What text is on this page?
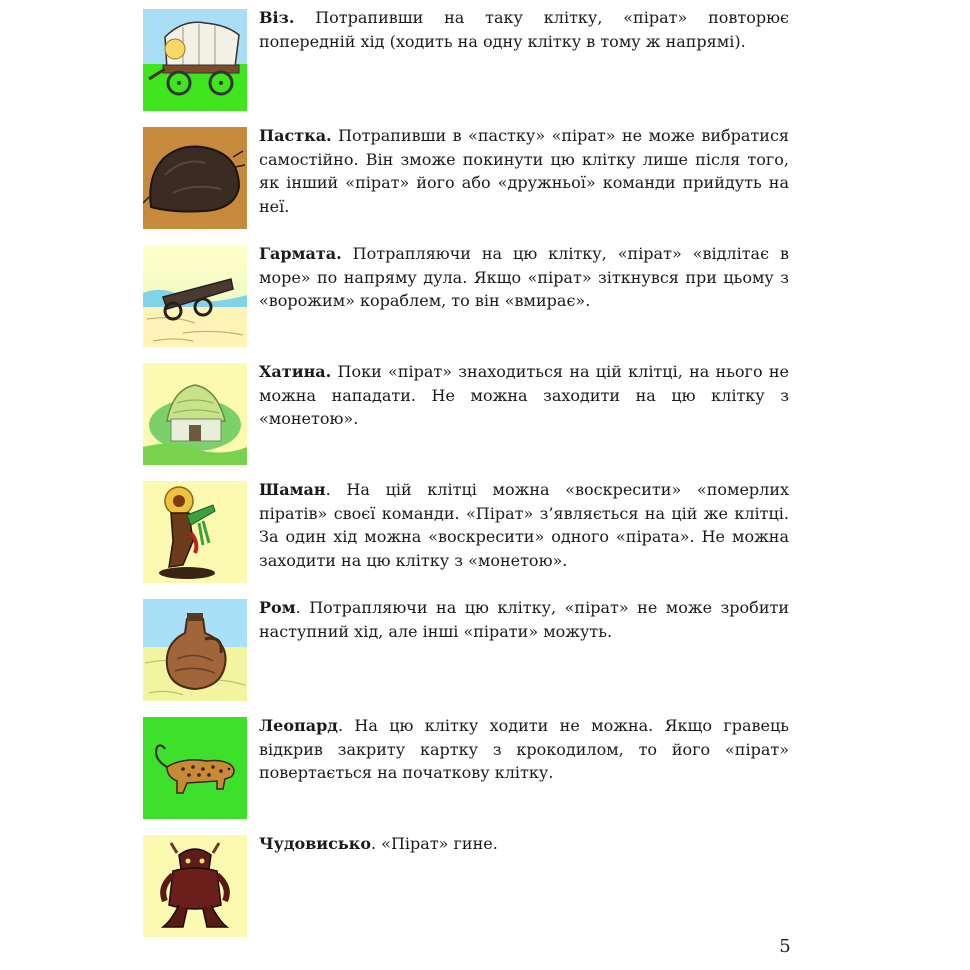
Віз. Потрапивши на таку клітку, «пірат» повторює попередній хід (ходить на одну клітку в тому ж напрямі).
Пастка. Потрапивши в «пастку» «пірат» не може вибратися самостійно. Він зможе покинути цю клітку лише після того, як інший «пірат» його або «дружньої» команди прийдуть на неї.
Гармата. Потрапляючи на цю клітку, «пірат» «відлітає в море» по напряму дула. Якщо «пірат» зіткнувся при цьому з «ворожим» кораблем, то він «вмирає».
Хатина. Поки «пірат» знаходиться на цій клітці, на нього не можна нападати. Не можна заходити на цю клітку з «монетою».
Шаман. На цій клітці можна «воскресити» «померлих піратів» своєї команди. «Пірат» з’являється на цій же клітці. За один хід можна «воскресити» одного «пірата». Не можна заходити на цю клітку з «монетою».
Ром. Потрапляючи на цю клітку, «пірат» не може зробити наступний хід, але інші «пірати» можуть.
Леопард. На цю клітку ходити не можна. Якщо гравець відкрив закриту картку з крокодилом, то його «пірат» повертається на початкову клітку.
Чудовисько. «Пірат» гине.
5
